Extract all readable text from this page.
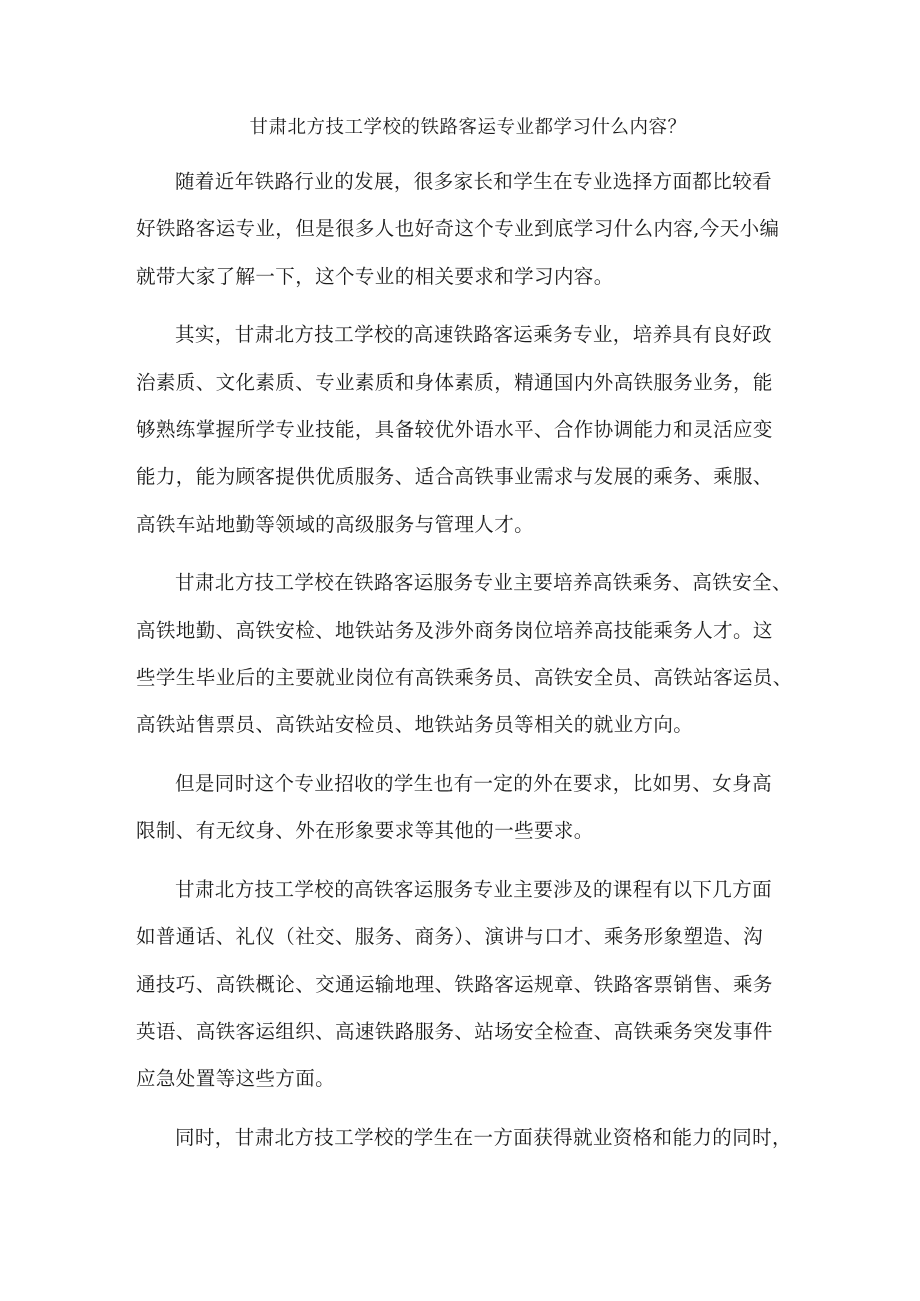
甘肃北方技工学校的铁路客运专业都学习什么内容？

随着近年铁路行业的发展，很多家长和学生在专业选择方面都比较看
好铁路客运专业，但是很多人也好奇这个专业到底学习什么内容,今天小编
就带大家了解一下，这个专业的相关要求和学习内容。

其实，甘肃北方技工学校的高速铁路客运乘务专业，培养具有良好政
治素质、文化素质、专业素质和身体素质，精通国内外高铁服务业务，能
够熟练掌握所学专业技能，具备较优外语水平、合作协调能力和灵活应变
能力，能为顾客提供优质服务、适合高铁事业需求与发展的乘务、乘服、
高铁车站地勤等领域的高级服务与管理人才。

甘肃北方技工学校在铁路客运服务专业主要培养高铁乘务、高铁安全、
高铁地勤、高铁安检、地铁站务及涉外商务岗位培养高技能乘务人才。这
些学生毕业后的主要就业岗位有高铁乘务员、高铁安全员、高铁站客运员、
高铁站售票员、高铁站安检员、地铁站务员等相关的就业方向。

但是同时这个专业招收的学生也有一定的外在要求，比如男、女身高
限制、有无纹身、外在形象要求等其他的一些要求。

甘肃北方技工学校的高铁客运服务专业主要涉及的课程有以下几方面
如普通话、礼仪（社交、服务、商务）、演讲与口才、乘务形象塑造、沟
通技巧、高铁概论、交通运输地理、铁路客运规章、铁路客票销售、乘务
英语、高铁客运组织、高速铁路服务、站场安全检查、高铁乘务突发事件
应急处置等这些方面。

同时，甘肃北方技工学校的学生在一方面获得就业资格和能力的同时，
